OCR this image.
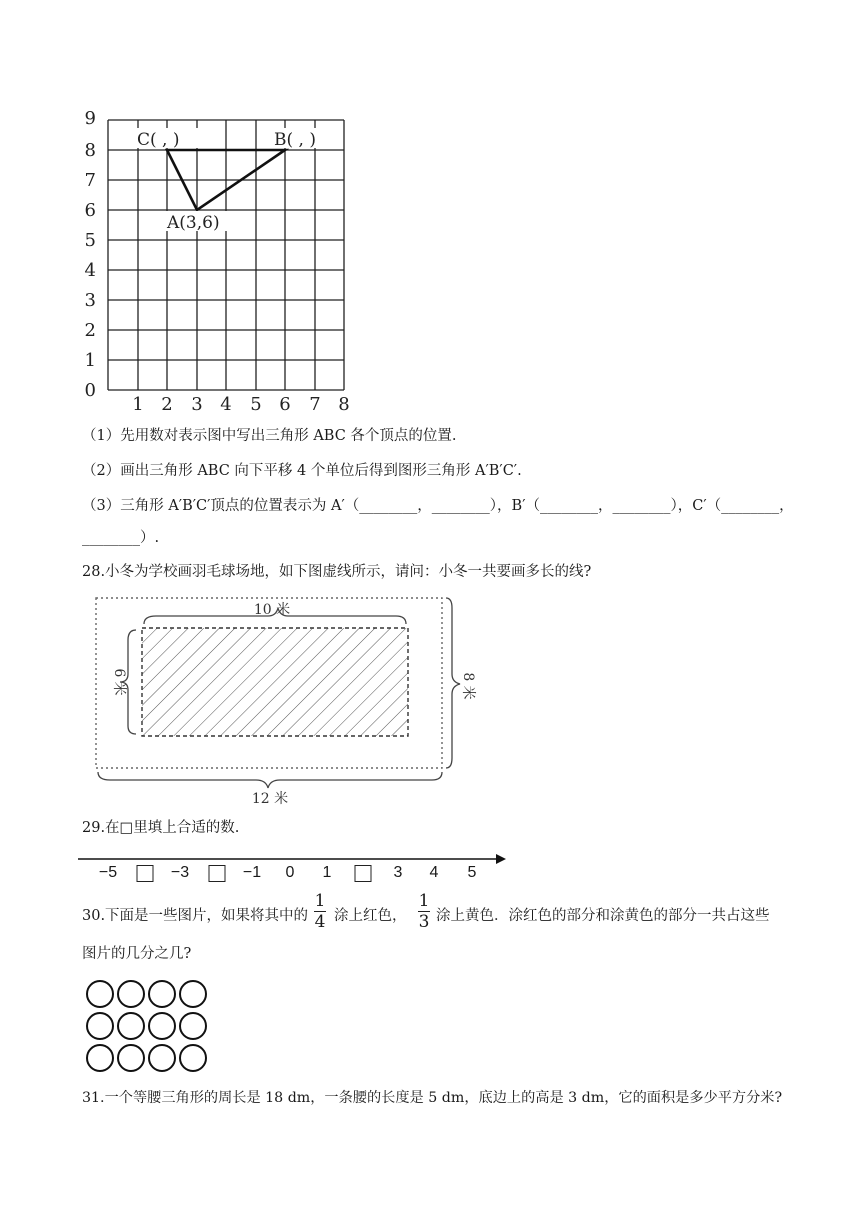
0
1
2
3
4
5
6
7
8
9
1 2 3 4 5 6 7 8
C( , )	B( , )
A(3,6)
（1）先用数对表示图中写出三角形 ABC 各个顶点的位置.
（2）画出三角形 ABC 向下平移 4 个单位后得到图形三角形 A′B′C′.
（3）三角形 A′B′C′顶点的位置表示为 A′（________，________），B′（________，________），C′（________，
________）.
28.小冬为学校画羽毛球场地，如下图虚线所示，请问：小冬一共要画多长的线?
10 米
6 米	8 米
12 米
29.在□里填上合适的数.
−5	−3	−1 0 1	3 4 5
30.下面是一些图片，如果将其中的
1
4 涂上红色，
1
3 涂上黄色．涂红色的部分和涂黄色的部分一共占这些
图片的几分之几?
31.一个等腰三角形的周长是 18 dm，一条腰的长度是 5 dm，底边上的高是 3 dm，它的面积是多少平方分米?
